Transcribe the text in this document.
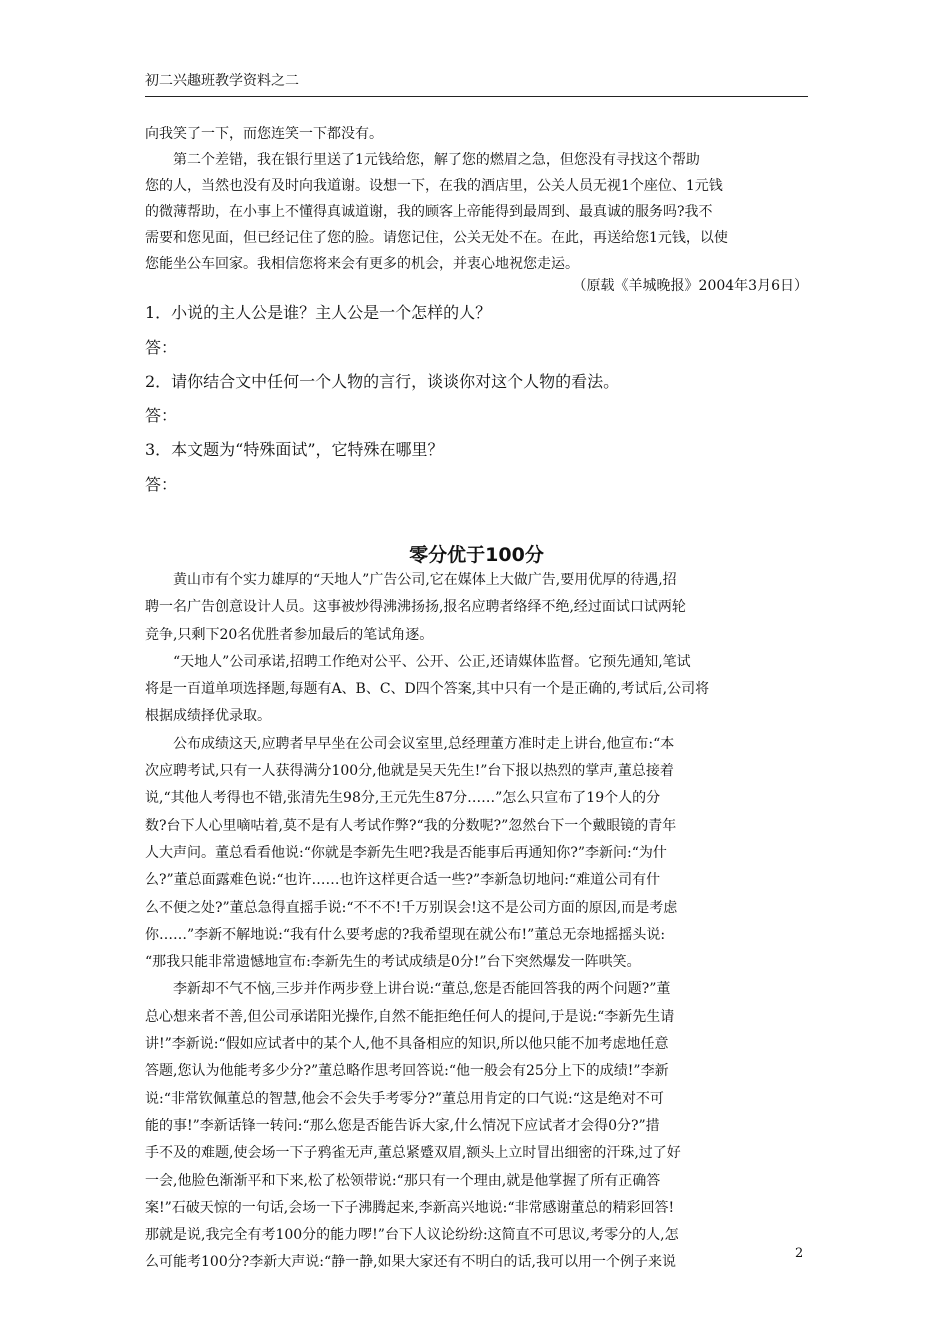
初二兴趣班教学资料之二
向我笑了一下，而您连笑一下都没有。
第二个差错，我在银行里送了1元钱给您，解了您的燃眉之急，但您没有寻找这个帮助
您的人，当然也没有及时向我道谢。设想一下，在我的酒店里，公关人员无视1个座位、1元钱
的微薄帮助，在小事上不懂得真诚道谢，我的顾客上帝能得到最周到、最真诚的服务吗?我不
需要和您见面，但已经记住了您的脸。请您记住，公关无处不在。在此，再送给您1元钱，以使
您能坐公车回家。我相信您将来会有更多的机会，并衷心地祝您走运。
（原载《羊城晚报》2004年3月6日）
1．小说的主人公是谁？主人公是一个怎样的人？
答：
2．请你结合文中任何一个人物的言行，谈谈你对这个人物的看法。
答：
3．本文题为“特殊面试”，它特殊在哪里？
答：
零分优于100分
黄山市有个实力雄厚的“天地人”广告公司,它在媒体上大做广告,要用优厚的待遇,招
聘一名广告创意设计人员。这事被炒得沸沸扬扬,报名应聘者络绎不绝,经过面试口试两轮
竞争,只剩下20名优胜者参加最后的笔试角逐。
“天地人”公司承诺,招聘工作绝对公平、公开、公正,还请媒体监督。它预先通知,笔试
将是一百道单项选择题,每题有A、B、C、D四个答案,其中只有一个是正确的,考试后,公司将
根据成绩择优录取。
公布成绩这天,应聘者早早坐在公司会议室里,总经理董方准时走上讲台,他宣布:“本
次应聘考试,只有一人获得满分100分,他就是吴天先生!”台下报以热烈的掌声,董总接着
说,“其他人考得也不错,张清先生98分,王元先生87分……”怎么只宣布了19个人的分
数?台下人心里嘀咕着,莫不是有人考试作弊?“我的分数呢?”忽然台下一个戴眼镜的青年
人大声问。董总看看他说:“你就是李新先生吧?我是否能事后再通知你?”李新问:“为什
么?”董总面露难色说:“也许……也许这样更合适一些?”李新急切地问:“难道公司有什
么不便之处?”董总急得直摇手说:“不不不!千万别误会!这不是公司方面的原因,而是考虑
你……”李新不解地说:“我有什么要考虑的?我希望现在就公布!”董总无奈地摇摇头说:
“那我只能非常遗憾地宣布:李新先生的考试成绩是0分!”台下突然爆发一阵哄笑。
李新却不气不恼,三步并作两步登上讲台说:“董总,您是否能回答我的两个问题?”董
总心想来者不善,但公司承诺阳光操作,自然不能拒绝任何人的提问,于是说:“李新先生请
讲!”李新说:“假如应试者中的某个人,他不具备相应的知识,所以他只能不加考虑地任意
答题,您认为他能考多少分?”董总略作思考回答说:“他一般会有25分上下的成绩!”李新
说:“非常钦佩董总的智慧,他会不会失手考零分?”董总用肯定的口气说:“这是绝对不可
能的事!”李新话锋一转问:“那么您是否能告诉大家,什么情况下应试者才会得0分?”措
手不及的难题,使会场一下子鸦雀无声,董总紧蹙双眉,额头上立时冒出细密的汗珠,过了好
一会,他脸色渐渐平和下来,松了松领带说:“那只有一个理由,就是他掌握了所有正确答
案!”石破天惊的一句话,会场一下子沸腾起来,李新高兴地说:“非常感谢董总的精彩回答!
那就是说,我完全有考100分的能力啰!”台下人议论纷纷:这简直不可思议,考零分的人,怎
么可能考100分?李新大声说:“静一静,如果大家还有不明白的话,我可以用一个例子来说
2
